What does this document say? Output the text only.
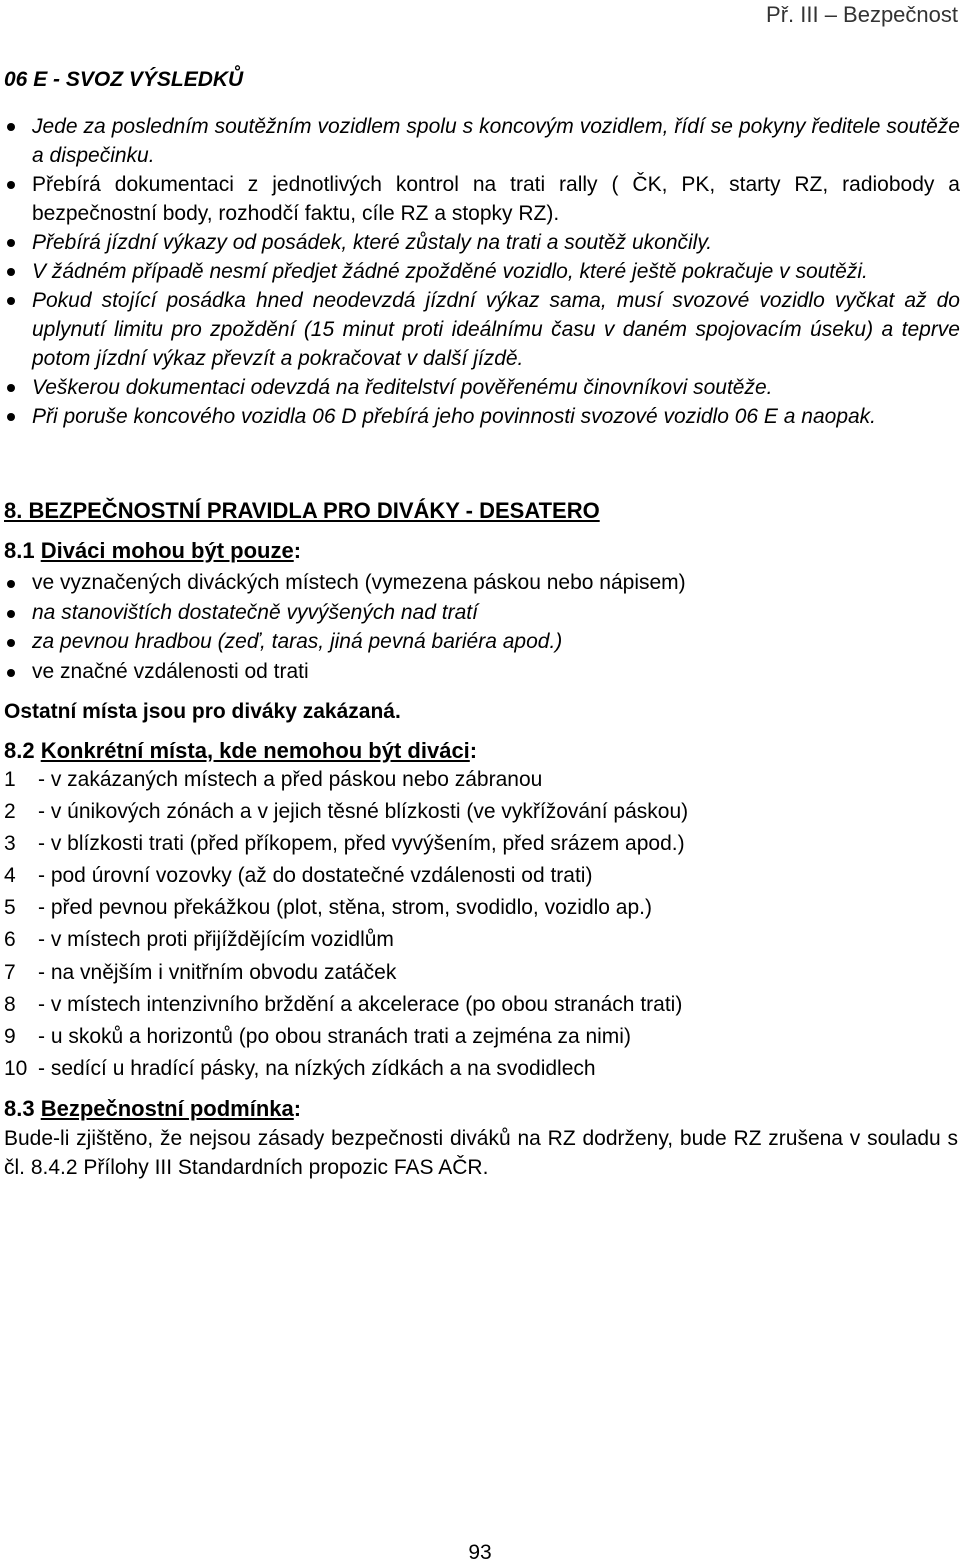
Př. III – Bezpečnost
06 E - SVOZ VÝSLEDKŮ
Jede za posledním soutěžním vozidlem spolu s koncovým vozidlem, řídí se pokyny ředitele soutěže a dispečinku.
Přebírá dokumentaci z jednotlivých kontrol na trati rally ( ČK, PK, starty RZ, radiobody a bezpečnostní body, rozhodčí faktu, cíle RZ a stopky RZ).
Přebírá jízdní výkazy od posádek, které zůstaly na trati a soutěž ukončily.
V žádném případě nesmí předjet žádné zpožděné vozidlo, které ještě pokračuje v soutěži.
Pokud stojící posádka hned neodevzdá jízdní výkaz sama, musí svozové vozidlo vyčkat až do uplynutí limitu pro zpoždění (15 minut proti ideálnímu času v daném spojovacím úseku) a teprve potom jízdní výkaz převzít a pokračovat v další jízdě.
Veškerou dokumentaci odevzdá na ředitelství pověřenému činovníkovi soutěže.
Při poruše koncového vozidla 06 D přebírá jeho povinnosti svozové vozidlo 06 E a naopak.
8. BEZPEČNOSTNÍ PRAVIDLA PRO DIVÁKY - DESATERO
8.1 Diváci mohou být pouze:
ve vyznačených diváckých místech (vymezena páskou nebo nápisem)
na stanovištích dostatečně vyvýšených nad tratí
za pevnou hradbou (zeď, taras, jiná pevná bariéra apod.)
ve značné vzdálenosti od trati
Ostatní místa jsou pro diváky zakázaná.
8.2 Konkrétní místa, kde nemohou být diváci:
1 - v zakázaných místech a před páskou nebo zábranou
2 - v únikových zónách a v jejich těsné blízkosti (ve vykřížování páskou)
3 - v blízkosti trati (před příkopem, před vyvýšením, před srázem apod.)
4 - pod úrovní vozovky (až do dostatečné vzdálenosti od trati)
5 - před pevnou překážkou (plot, stěna, strom, svodidlo, vozidlo ap.)
6 - v místech proti přijíždějícím vozidlům
7 - na vnějším i vnitřním obvodu zatáček
8 - v místech intenzivního brždění a akcelerace (po obou stranách trati)
9 - u skoků a horizontů (po obou stranách trati a zejména za nimi)
10 - sedící u hradící pásky, na nízkých zídkách a na svodidlech
8.3 Bezpečnostní podmínka:

Bude-li zjištěno, že nejsou zásady bezpečnosti diváků na RZ dodrženy, bude RZ zrušena v souladu s čl. 8.4.2 Přílohy III Standardních propozic FAS AČR.

93
